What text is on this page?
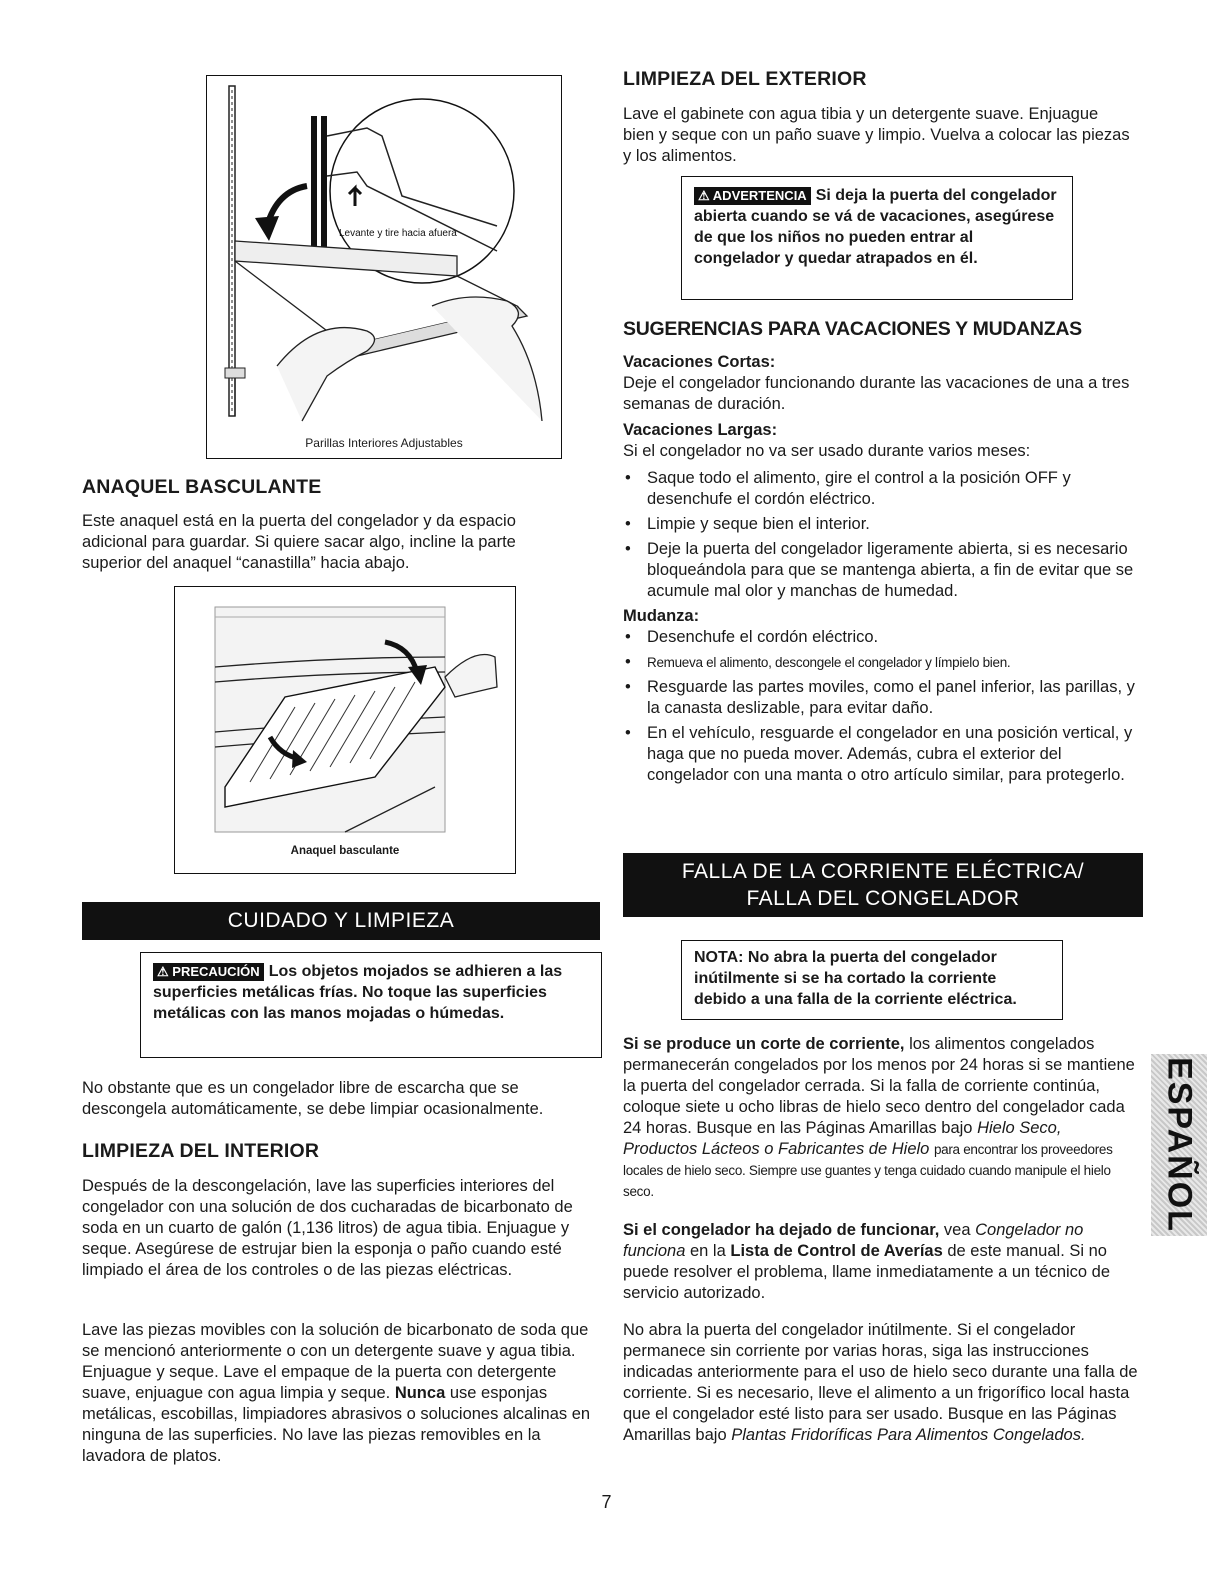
Levante y tire hacia afuera
Parillas Interiores Adjustables
ANAQUEL BASCULANTE

Este anaquel está en la puerta del congelador y da espacio adicional para guardar. Si quiere sacar algo, incline la parte superior del anaquel “canastilla” hacia abajo.

Anaquel basculante
CUIDADO Y LIMPIEZA
⚠ PRECAUCIÓN Los objetos mojados se adhieren a las superficies metálicas frías. No toque las superficies metálicas con las manos mojadas o húmedas.

No obstante que es un congelador libre de escarcha que se descongela automáticamente, se debe limpiar ocasionalmente.

LIMPIEZA DEL INTERIOR

Después de la descongelación, lave las superficies interiores del congelador con una solución de dos cucharadas de bicarbonato de soda en un cuarto de galón (1,136 litros) de agua tibia. Enjuague y seque. Asegúrese de estrujar bien la esponja o paño cuando esté limpiado el área de los controles o de las piezas eléctricas.

Lave las piezas movibles con la solución de bicarbonato de soda que se mencionó anteriormente o con un detergente suave y agua tibia. Enjuague y seque. Lave el empaque de la puerta con detergente suave, enjuague con agua limpia y seque. Nunca use esponjas metálicas, escobillas, limpiadores abrasivos o soluciones alcalinas en ninguna de las superficies. No lave las piezas removibles en la lavadora de platos.

LIMPIEZA DEL EXTERIOR

Lave el gabinete con agua tibia y un detergente suave. Enjuague bien y seque con un paño suave y limpio. Vuelva a colocar las piezas y los alimentos.

⚠ ADVERTENCIA Si deja la puerta del congelador abierta cuando se vá de vacaciones, asegúrese de que los niños no pueden entrar al congelador y quedar atrapados en él.
SUGERENCIAS PARA VACACIONES Y MUDANZAS
Vacaciones Cortas:

Deje el congelador funcionando durante las vacaciones de una a tres semanas de duración.

Vacaciones Largas:

Si el congelador no va ser usado durante varios meses:

• Saque todo el alimento, gire el control a la posición OFF y desenchufe el cordón eléctrico.
• Limpie y seque bien el interior.
• Deje la puerta del congelador ligeramente abierta, si es necesario bloqueándola para que se mantenga abierta, a fin de evitar que se acumule mal olor y manchas de humedad.
Mudanza:
• Desenchufe el cordón eléctrico.
• Remueva el alimento, descongele el congelador y límpielo bien.
• Resguarde las partes moviles, como el panel inferior, las parillas, y la canasta deslizable, para evitar daño.
• En el vehículo, resguarde el congelador en una posición vertical, y haga que no pueda mover. Además, cubra el exterior del congelador con una manta o otro artículo similar, para protegerlo.
FALLA DE LA CORRIENTE ELÉCTRICA/
FALLA DEL CONGELADOR
NOTA: No abra la puerta del congelador inútilmente si se ha cortado la corriente debido a una falla de la corriente eléctrica.

Si se produce un corte de corriente, los alimentos congelados permanecerán congelados por los menos por 24 horas si se mantiene la puerta del congelador cerrada. Si la falla de corriente continúa, coloque siete u ocho libras de hielo seco dentro del congelador cada 24 horas. Busque en las Páginas Amarillas bajo Hielo Seco, Productos Lácteos o Fabricantes de Hielo para encontrar los proveedores locales de hielo seco. Siempre use guantes y tenga cuidado cuando manipule el hielo seco.

Si el congelador ha dejado de funcionar, vea Congelador no funciona en la Lista de Control de Averías de este manual. Si no puede resolver el problema, llame inmediatamente a un técnico de servicio autorizado.

No abra la puerta del congelador inútilmente. Si el congelador permanece sin corriente por varias horas, siga las instrucciones indicadas anteriormente para el uso de hielo seco durante una falla de corriente. Si es necesario, lleve el alimento a un frigorífico local hasta que el congelador esté listo para ser usado. Busque en las Páginas Amarillas bajo Plantas Fridoríficas Para Alimentos Congelados.

ESPAÑOL
7
